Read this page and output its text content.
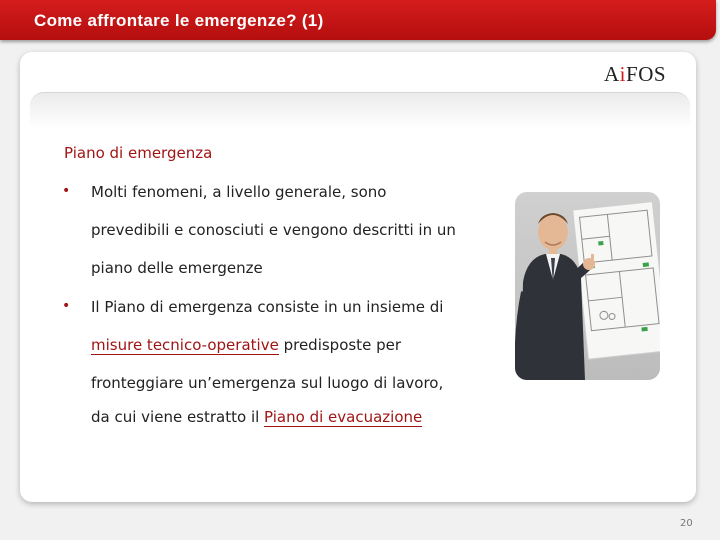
Come affrontare le emergenze? (1)
AiFOS
Piano di emergenza
• Molti fenomeni, a livello generale, sono
prevedibili e conosciuti e vengono descritti in un
piano delle emergenze
• Il Piano di emergenza consiste in un insieme di
misure tecnico-operative predisposte per
fronteggiare un’emergenza sul luogo di lavoro,
da cui viene estratto il Piano di evacuazione
20
